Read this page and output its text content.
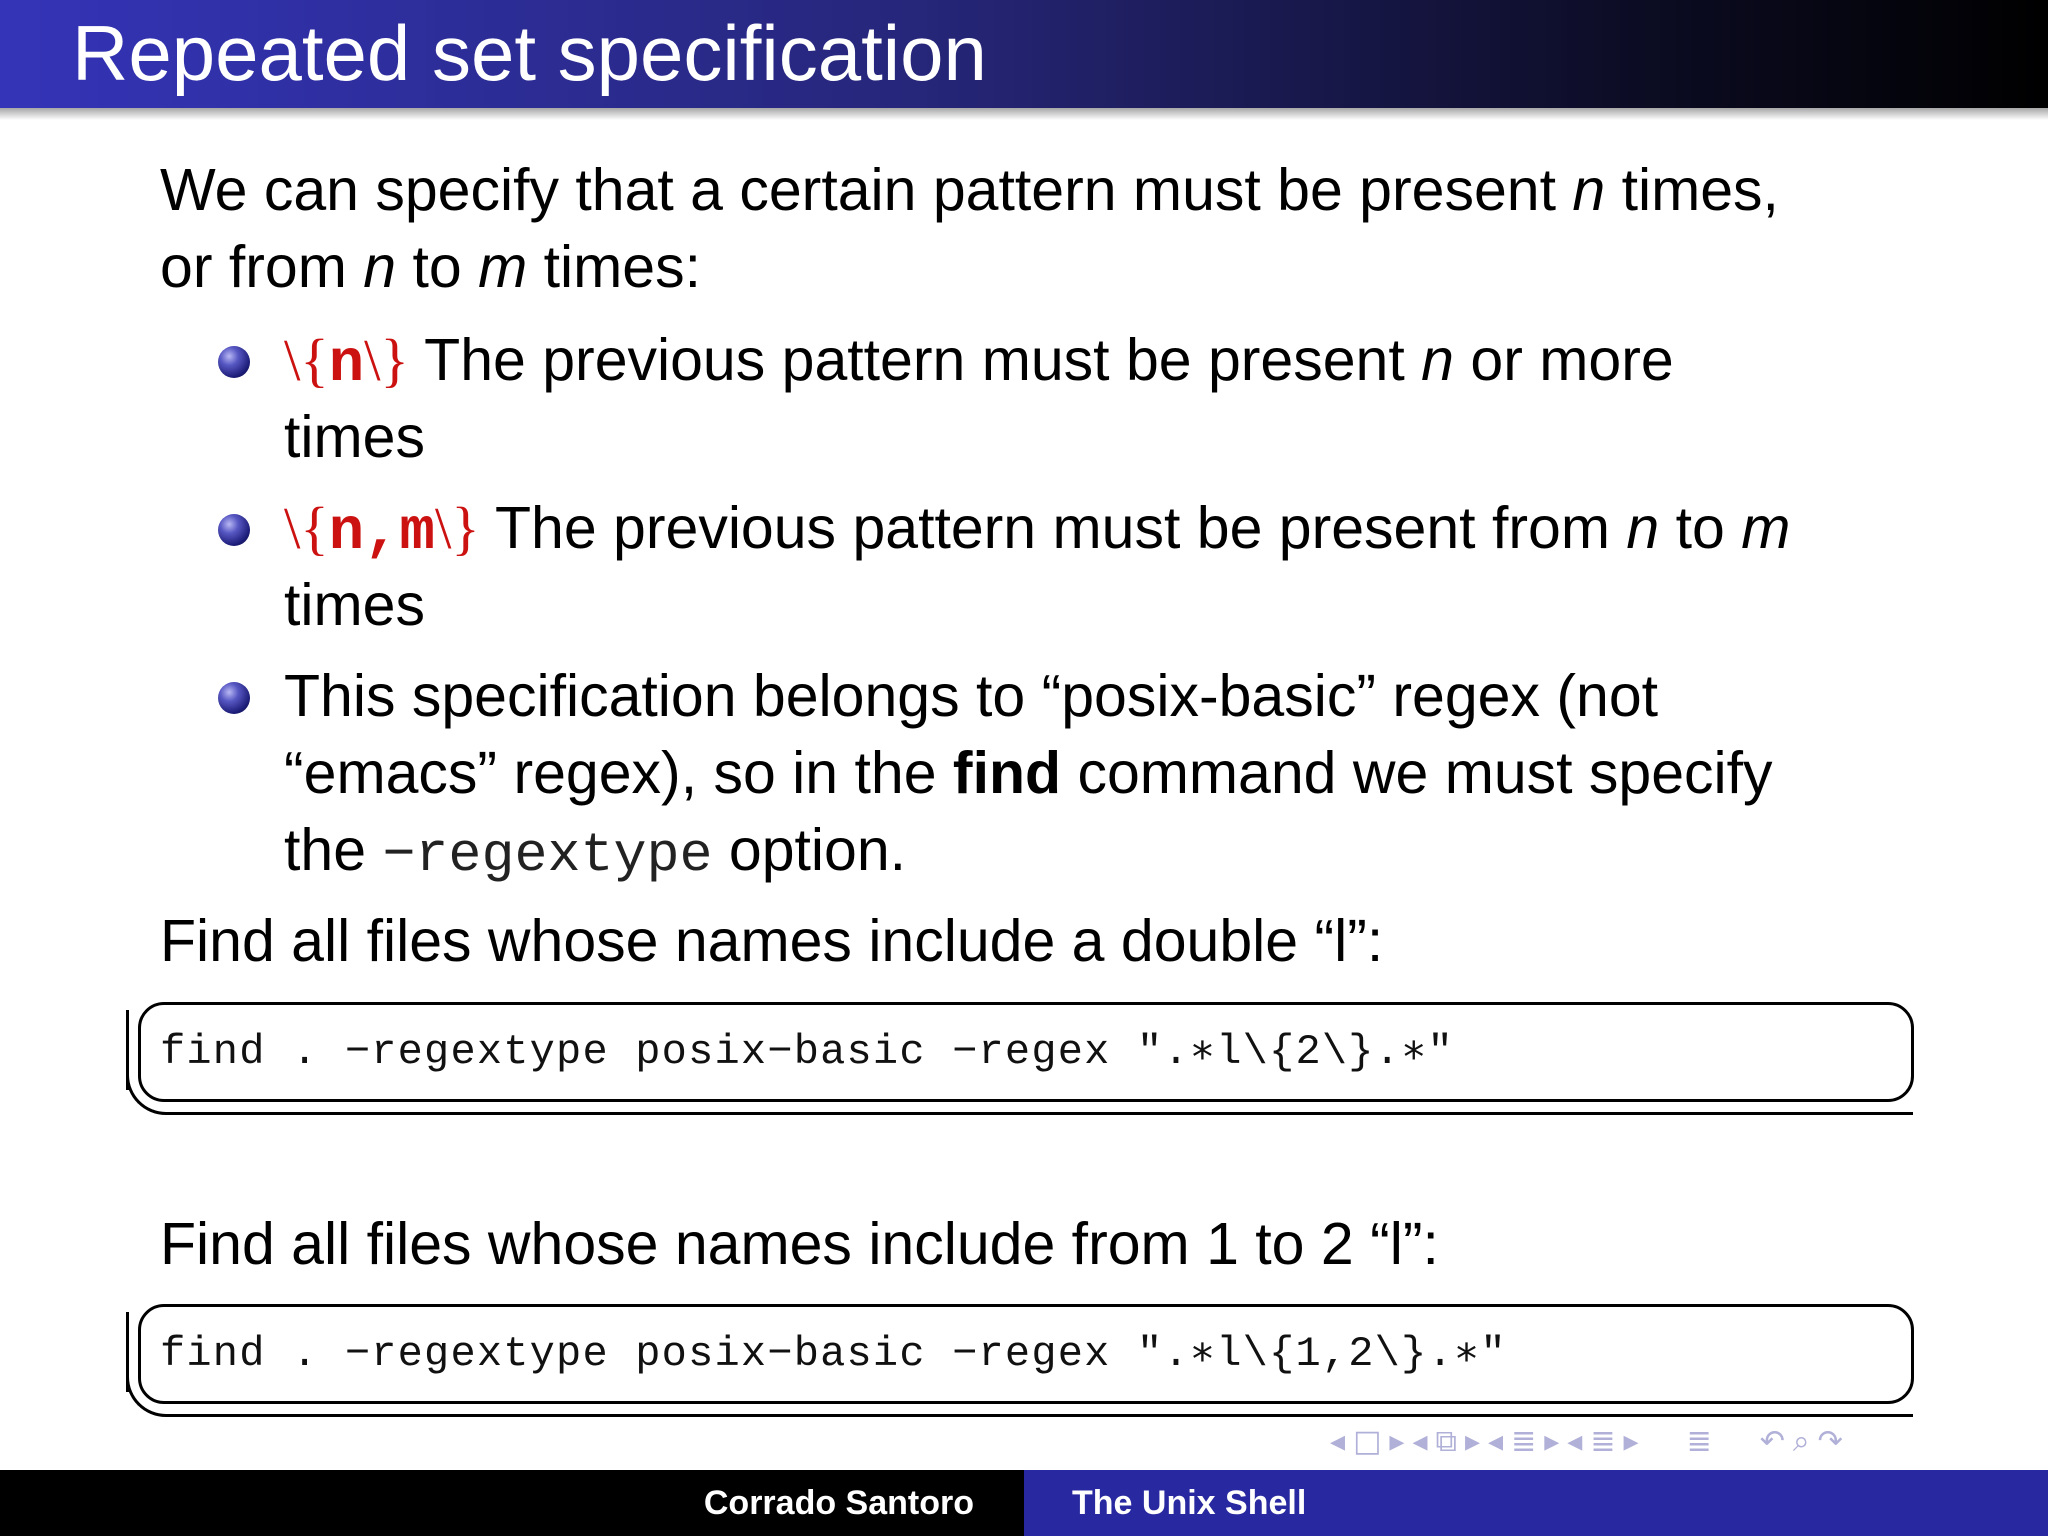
Repeated set specification
We can specify that a certain pattern must be present n times,
or from n to m times:
\{n\} The previous pattern must be present n or more
times
\{n,m\} The previous pattern must be present from n to m
times
This specification belongs to “posix-basic” regex (not
“emacs” regex), so in the find command we must specify
the −regextype option.
Find all files whose names include a double “l”:
find . −regextype posix−basic −regex ".∗l\{2\}.∗"
Find all files whose names include from 1 to 2 “l”:
find . −regextype posix−basic −regex ".∗l\{1,2\}.∗"
◂ □ ▸ ◂ ⧉ ▸ ◂ ≣ ▸ ◂ ≣ ▸ ≣ ↶ ⌕ ↷
Corrado Santoro	The Unix Shell
